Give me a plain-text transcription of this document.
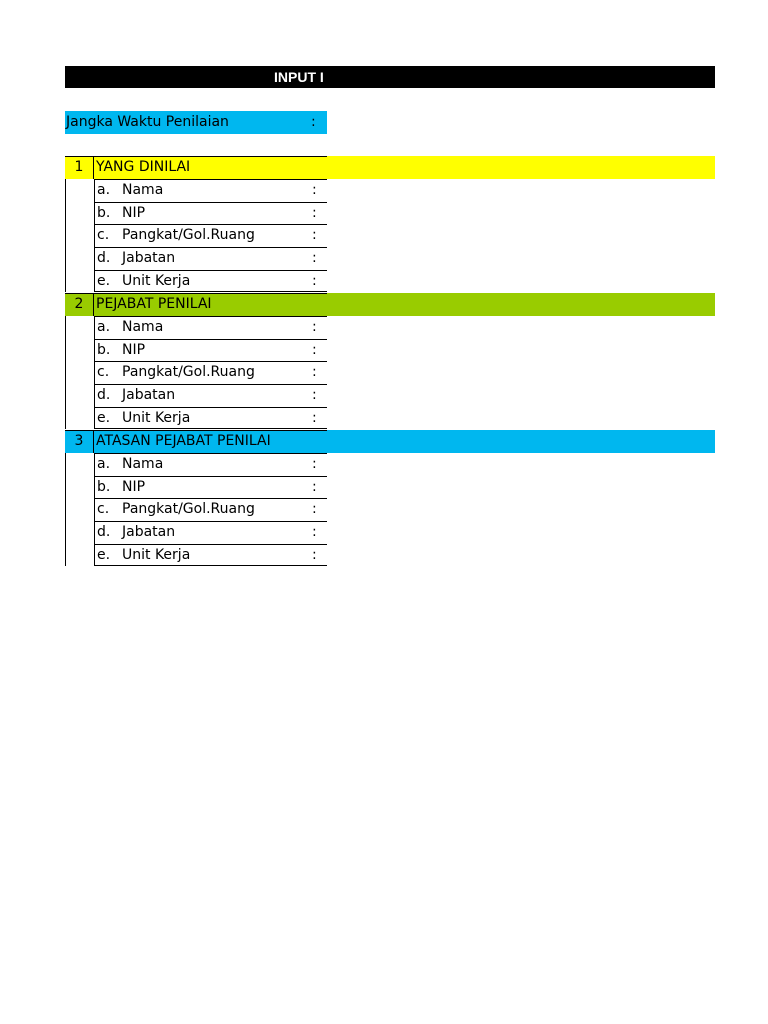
INPUT I
Jangka Waktu Penilaian	:
1 YANG DINILAI
a. Nama	:
b. NIP	:
c. Pangkat/Gol.Ruang	:
d. Jabatan	:
e. Unit Kerja	:
2 PEJABAT PENILAI
a. Nama	:
b. NIP	:
c. Pangkat/Gol.Ruang	:
d. Jabatan	:
e. Unit Kerja	:
3 ATASAN PEJABAT PENILAI
a. Nama	:
b. NIP	:
c. Pangkat/Gol.Ruang	:
d. Jabatan	:
e. Unit Kerja	:
